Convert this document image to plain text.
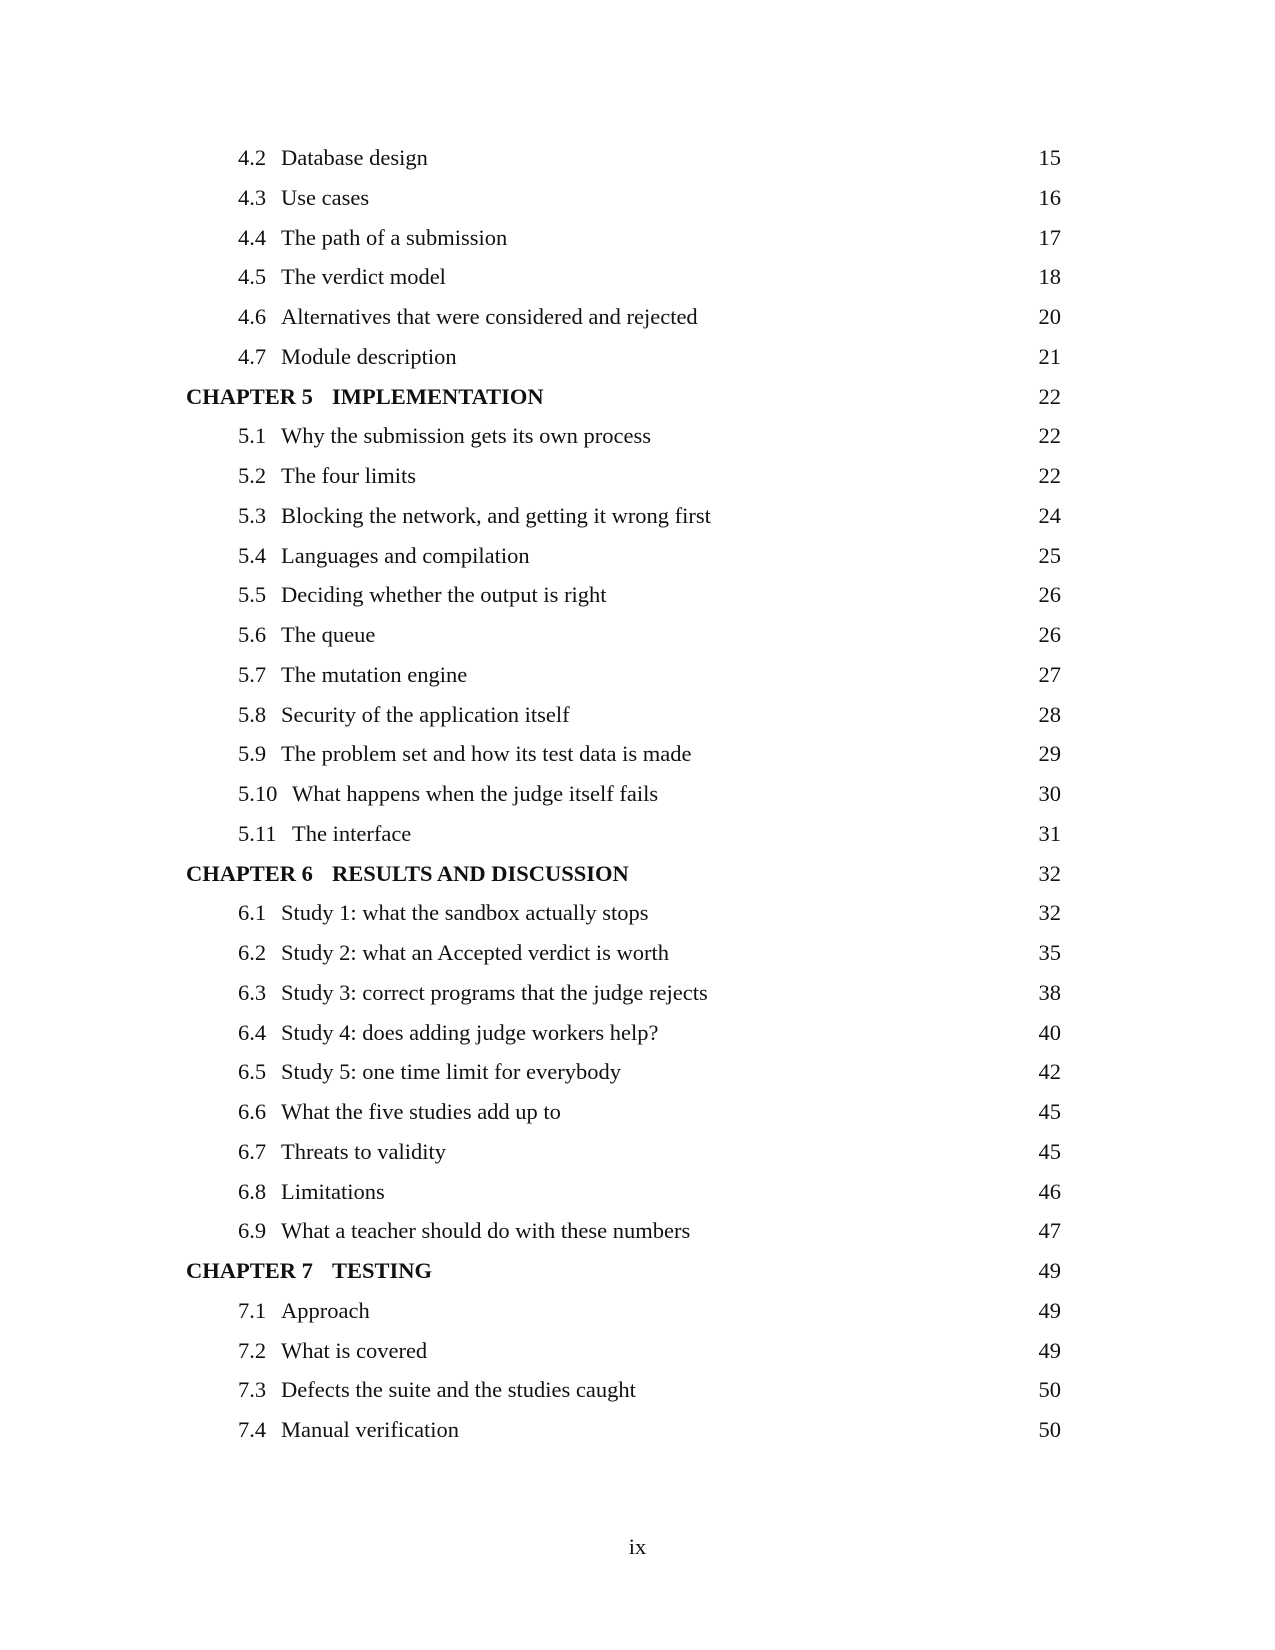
4.2 Database design	15
4.3 Use cases	16
4.4 The path of a submission	17
4.5 The verdict model	18
4.6 Alternatives that were considered and rejected	20
4.7 Module description	21
CHAPTER 5 IMPLEMENTATION	22
5.1 Why the submission gets its own process	22
5.2 The four limits	22
5.3 Blocking the network, and getting it wrong first	24
5.4 Languages and compilation	25
5.5 Deciding whether the output is right	26
5.6 The queue	26
5.7 The mutation engine	27
5.8 Security of the application itself	28
5.9 The problem set and how its test data is made	29
5.10 What happens when the judge itself fails	30
5.11 The interface	31
CHAPTER 6 RESULTS AND DISCUSSION	32
6.1 Study 1: what the sandbox actually stops	32
6.2 Study 2: what an Accepted verdict is worth	35
6.3 Study 3: correct programs that the judge rejects	38
6.4 Study 4: does adding judge workers help?	40
6.5 Study 5: one time limit for everybody	42
6.6 What the five studies add up to	45
6.7 Threats to validity	45
6.8 Limitations	46
6.9 What a teacher should do with these numbers	47
CHAPTER 7 TESTING	49
7.1 Approach	49
7.2 What is covered	49
7.3 Defects the suite and the studies caught	50
7.4 Manual verification	50
ix
